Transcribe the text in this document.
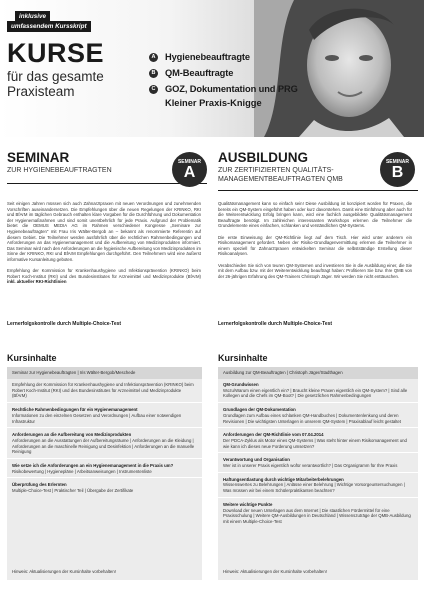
inklusive
umfassendem Kursskript
KURSE
für das gesamte
Praxisteam
A Hygienebeauftragte
B QM-Beauftragte
C GOZ, Dokumentation und PRG
Kleiner Praxis-Knigge
SEMINAR
ZUR HYGIENEBEAUFTRAGTEN
SEMINAR
A
AUSBILDUNG
ZUR ZERTIFIZIERTEN QUALITÄTS-
MANAGEMENTBEAUFTRAGTEN QMB
SEMINAR
B

Seit einigen Jahren müssen sich auch Zahnarztpraxen mit neuen Verordnungen und zunehmenden Vorschriften auseinandersetzen. Die Empfehlungen über die neuen Regelungen der KRINKO, RKI und BfArM im täglichen Gebrauch enthalten klare Vorgaben für die Durchführung und Dokumentation der Hygienemaßnahmen und sind somit unentbehrlich für jede Praxis. Aufgrund der Problematik bietet die OEMUS MEDIA AG im Rahmen verschiedener Kongresse „Seminare zur Hygienebeauftragten" mit Frau Iris Wälter-Bergob an – bekannt als renommierte Referentin auf diesem Gebiet. Die Teilnehmer werden ausführlich über die rechtlichen Rahmenbedingungen und Anforderungen an das Hygienemanagement und die Aufbereitung von Medizinprodukten informiert. Das Seminar wird nach den Anforderungen an die hygienische Aufbereitung von Medizinprodukten im Sinne der KRINKO, RKI und BfArM Empfehlungen durchgeführt. Den Teilnehmern wird eine äußerst informative Kursanleitung geboten.

Empfehlung der Kommission für Krankenhaushygiene und Infektionsprävention (KRINKO) beim Robert Koch-Institut (RKI) und des Bundesinstitutes für Arzneimittel und Medizinprodukte (BfArM) inkl. aktueller RKI-Richtlinien

Lernerfolgskontrolle durch Multiple-Choice-Test

Qualitätsmanagement kann so einfach sein! Diese Ausbildung ist konzipiert worden für Praxen, die bereits ein QM-System eingeführt haben oder kurz davorstehen. Damit eine Einführung aber auch für die Weiterentwicklung Erfolg bringen kann, wird eine fachlich ausgebildete Qualitätsmanagement Beauftragte benötigt. Im zahlreichen interessanten Workshops erlernen die Teilnehmer die Grundelemente eines einfachen, schlanken und verständlichen QM-Systems.

Die erste Einweisung der QM-Richtlinie liegt auf dem Tisch. Hier wird unter anderem ein Risikomanagement gefordert. Neben der Risiko-Grundlagenvermittlung erlernen die Teilnehmer in einem speziell für Zahnarztpraxen entwickelten Seminar die selbstständige Erstellung dieser Risikoanalysen.

Verabschieden Sie sich von teuren QM-Systemen und investieren Sie in die Ausbildung einer, die Sie mit dem Aufbau bzw. mit der Weiterentwicklung beauftragt haben: Profitieren Sie bzw. Ihre QMB von der 26-jährigen Erfahrung des QM-Trainers Christoph Jäger. Wir werden Sie nicht enttäuschen.

Lernerfolgskontrolle durch Multiple-Choice-Test
Kursinhalte
Seminar zur Hygienebeauftragten | Iris Wälter-Bergob/Meschede
Empfehlung der Kommission für Krankenhaushygiene und Infektionsprävention (KRINKO) beim Robert Koch-Institut (RKI) und des Bundesinstitutes für Arzneimittel und Medizinprodukte (BfArM)
Rechtliche Rahmenbedingungen für ein Hygienemanagement
Informationen zu den einzelnen Gesetzen und Verordnungen | Aufbau einer notwendigen Infrastruktur
Anforderungen an die Aufbereitung von Medizinprodukten
Anforderungen an die Ausstattungen der Aufbereitungsräume | Anforderungen an die Kleidung | Anforderungen an die maschinelle Reinigung und Desinfektion | Anforderungen an die manuelle Reinigung
Wie setze ich die Anforderungen an ein Hygienemanagement in die Praxis um?
Risikobewertung | Hygienepläne | Arbeitsanweisungen | Instrumentenliste
Überprüfung des Erlernten
Multiple-Choice-Test | Praktischer Teil | Übergabe der Zertifikate
Hinweis: Aktualisierungen der Kursinhalte vorbehalten!
Kursinhalte
Ausbildung zur QM-Beauftragten | Christoph Jäger/Stadthagen
QM-Grundwissen
Wozu/Warum einen eigentlich ein? | Braucht kleine Praxen eigentlich ein QM-System? | Sind alle Kollegen und die Chefs im QM-Boot? | Die gesetzlichen Rahmenbedingungen
Grundlagen der QM-Dokumentation
Grundlagen zum Aufbau eines schlanken QM-Handbuches | Dokumentenlenkung und deren Revisionen | Die wichtigsten Unterlagen in unserem QM-System | Praxisablauf leicht gestaltet
Anforderungen der QM-Richtlinie vom 07.04.2014
Der PDCA-Zyklus als Motor eines QM-Systems | Was steht hinter einem Risikomanagement und wie kann ich dieses neue Forderung umsetzen?
Verantwortung und Organisation
Wer ist in unserer Praxis eigentlich wofür verantwortlich? | Das Organigramm für Ihre Praxis
Haftungsentlastung durch wichtige Mitarbeiterbelehrungen
Wissenswertes zu Belehrungen | Anlässe einer Belehrung | Wichtige Vorsorgeuntersuchungen | Was müssen wir bei einem Schülerpraktikanten beachten?
Weitere wichtige Punkte
Download der neuen Unterlagen aus dem Internet | Die staatlichen Fördermittel für eine Praxisschulung | Weitere QM-Ausbildungen in Deutschland | Wissenszuträge der QMB-Ausbildung mit einem Multiple-Choice-Test
Hinweis: Aktualisierungen der Kursinhalte vorbehalten!
